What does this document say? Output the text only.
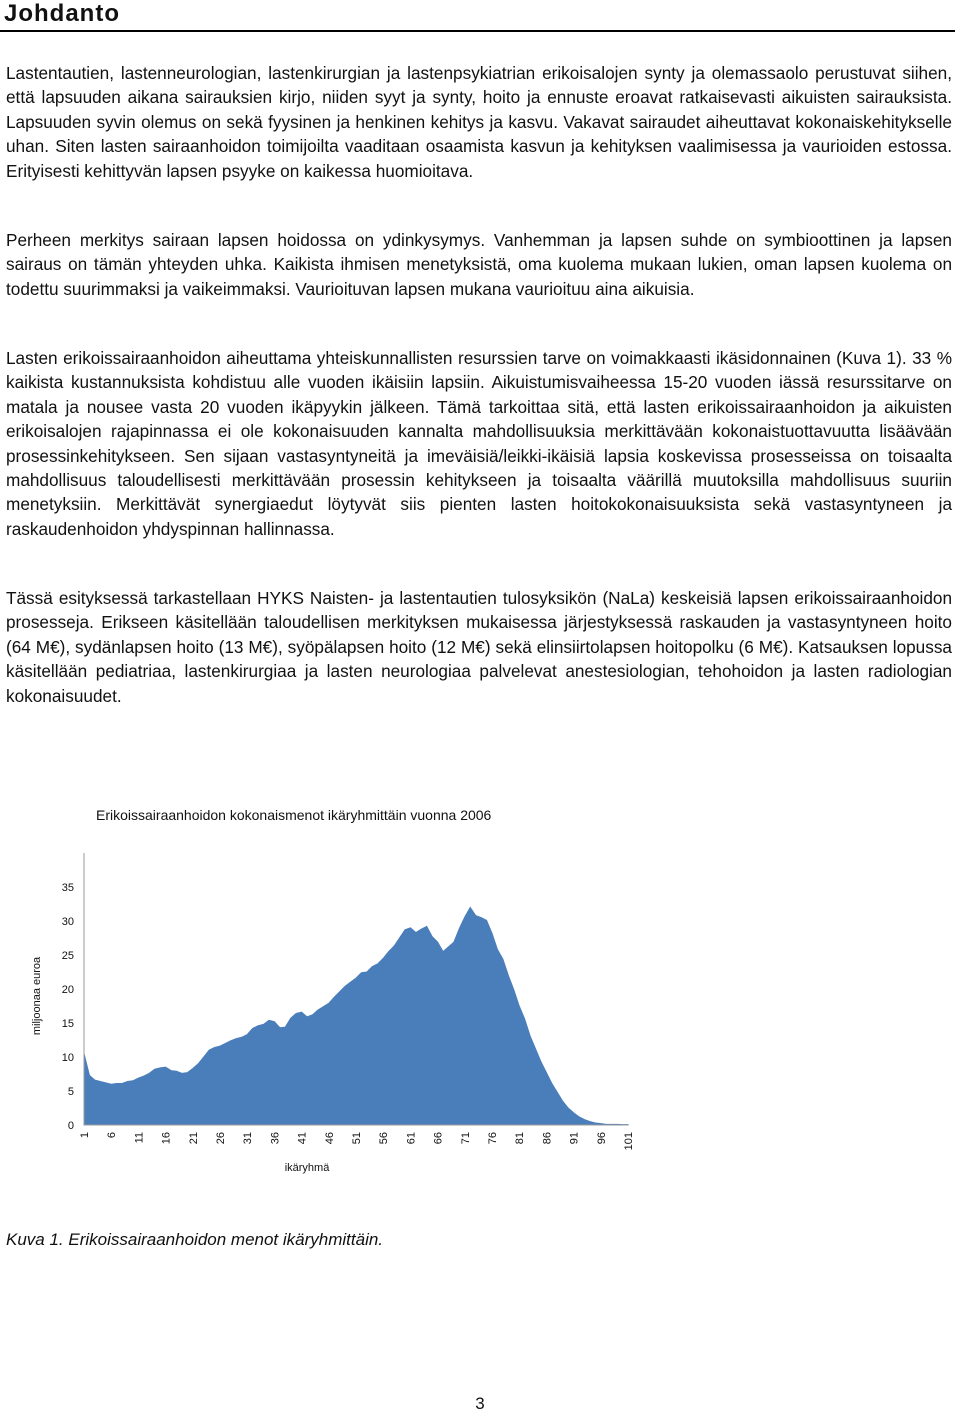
Johdanto

Lastentautien, lastenneurologian, lastenkirurgian ja lastenpsykiatrian erikoisalojen synty ja olemassaolo perustuvat siihen, että lapsuuden aikana sairauksien kirjo, niiden syyt ja synty, hoito ja ennuste eroavat ratkaisevasti aikuisten sairauksista. Lapsuuden syvin olemus on sekä fyysinen ja henkinen kehitys ja kasvu. Vakavat sairaudet aiheuttavat kokonaiskehitykselle uhan. Siten lasten sairaanhoidon toimijoilta vaaditaan osaamista kasvun ja kehityksen vaalimisessa ja vaurioiden estossa. Erityisesti kehittyvän lapsen psyyke on kaikessa huomioitava.

Perheen merkitys sairaan lapsen hoidossa on ydinkysymys. Vanhemman ja lapsen suhde on symbioottinen ja lapsen sairaus on tämän yhteyden uhka. Kaikista ihmisen menetyksistä, oma kuolema mukaan lukien, oman lapsen kuolema on todettu suurimmaksi ja vaikeimmaksi. Vaurioituvan lapsen mukana vaurioituu aina aikuisia.

Lasten erikoissairaanhoidon aiheuttama yhteiskunnallisten resurssien tarve on voimakkaasti ikäsidonnainen (Kuva 1). 33 % kaikista kustannuksista kohdistuu alle vuoden ikäisiin lapsiin. Aikuistumisvaiheessa 15-20 vuoden iässä resurssitarve on matala ja nousee vasta 20 vuoden ikäpyykin jälkeen. Tämä tarkoittaa sitä, että lasten erikoissairaanhoidon ja aikuisten erikoisalojen rajapinnassa ei ole kokonaisuuden kannalta mahdollisuuksia merkittävään kokonaistuottavuutta lisäävään prosessinkehitykseen. Sen sijaan vastasyntyneitä ja imeväisiä/leikki-ikäisiä lapsia koskevissa prosesseissa on toisaalta mahdollisuus taloudellisesti merkittävään prosessin kehitykseen ja toisaalta väärillä muutoksilla mahdollisuus suuriin menetyksiin. Merkittävät synergiaedut löytyvät siis pienten lasten hoitokokonaisuuksista sekä vastasyntyneen ja raskaudenhoidon yhdyspinnan hallinnassa.

Tässä esityksessä tarkastellaan HYKS Naisten- ja lastentautien tulosyksikön (NaLa) keskeisiä lapsen erikoissairaanhoidon prosesseja. Erikseen käsitellään taloudellisen merkityksen mukaisessa järjestyksessä raskauden ja vastasyntyneen hoito (64 M€), sydänlapsen hoito (13 M€), syöpälapsen hoito (12 M€) sekä elinsiirtolapsen hoitopolku (6 M€). Katsauksen lopussa käsitellään pediatriaa, lastenkirurgiaa ja lasten neurologiaa palvelevat anestesiologian, tehohoidon ja lasten radiologian kokonaisuudet.

Erikoissairaanhoidon kokonaismenot ikäryhmittäin vuonna 2006
miljoonaa euroa
ikäryhmä
0
5
10
15
20
25
30
35
1 6 11 16 21 26 31 36 41 46 51 56 61 66 71 76 81 86 91 96 101
Kuva 1. Erikoissairaanhoidon menot ikäryhmittäin.
3
